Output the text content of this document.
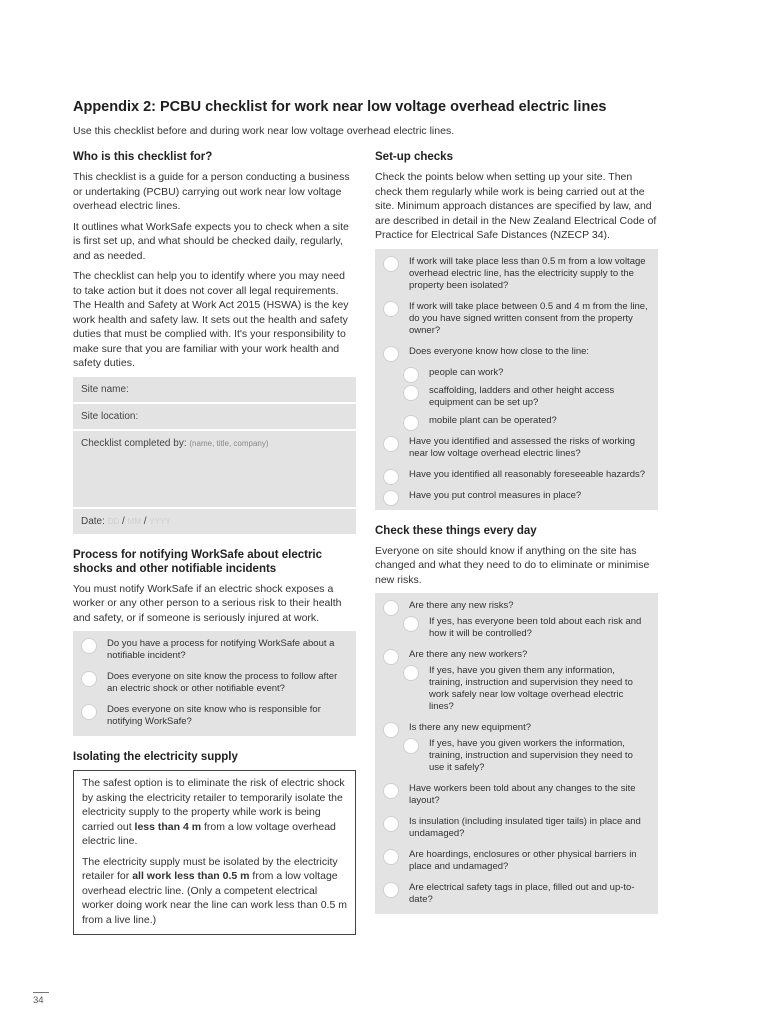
Appendix 2: PCBU checklist for work near low voltage overhead electric lines
Use this checklist before and during work near low voltage overhead electric lines.
Who is this checklist for?

This checklist is a guide for a person conducting a business or undertaking (PCBU) carrying out work near low voltage overhead electric lines.

It outlines what WorkSafe expects you to check when a site is first set up, and what should be checked daily, regularly, and as needed.

The checklist can help you to identify where you may need to take action but it does not cover all legal requirements. The Health and Safety at Work Act 2015 (HSWA) is the key work health and safety law. It sets out the health and safety duties that must be complied with. It's your responsibility to make sure that you are familiar with your work health and safety duties.

Site name:
Site location:
Checklist completed by: (name, title, company)
Date: DD / MM / YYYY
Process for notifying WorkSafe about electric shocks and other notifiable incidents

You must notify WorkSafe if an electric shock exposes a worker or any other person to a serious risk to their health and safety, or if someone is seriously injured at work.

Do you have a process for notifying WorkSafe about a notifiable incident?
Does everyone on site know the process to follow after an electric shock or other notifiable event?
Does everyone on site know who is responsible for notifying WorkSafe?
Isolating the electricity supply

The safest option is to eliminate the risk of electric shock by asking the electricity retailer to temporarily isolate the electricity supply to the property while work is being carried out less than 4 m from a low voltage overhead electric line.

The electricity supply must be isolated by the electricity retailer for all work less than 0.5 m from a low voltage overhead electric line. (Only a competent electrical worker doing work near the line can work less than 0.5 m from a live line.)

Set-up checks

Check the points below when setting up your site. Then check them regularly while work is being carried out at the site. Minimum approach distances are specified by law, and are described in detail in the New Zealand Electrical Code of Practice for Electrical Safe Distances (NZECP 34).

If work will take place less than 0.5 m from a low voltage overhead electric line, has the electricity supply to the property been isolated?
If work will take place between 0.5 and 4 m from the line, do you have signed written consent from the property owner?
Does everyone know how close to the line:
people can work?
scaffolding, ladders and other height access equipment can be set up?
mobile plant can be operated?
Have you identified and assessed the risks of working near low voltage overhead electric lines?
Have you identified all reasonably foreseeable hazards?
Have you put control measures in place?
Check these things every day

Everyone on site should know if anything on the site has changed and what they need to do to eliminate or minimise new risks.

Are there any new risks?
If yes, has everyone been told about each risk and how it will be controlled?
Are there any new workers?
If yes, have you given them any information, training, instruction and supervision they need to work safely near low voltage overhead electric lines?
Is there any new equipment?
If yes, have you given workers the information, training, instruction and supervision they need to use it safely?
Have workers been told about any changes to the site layout?
Is insulation (including insulated tiger tails) in place and undamaged?
Are hoardings, enclosures or other physical barriers in place and undamaged?
Are electrical safety tags in place, filled out and up-to-date?
34
